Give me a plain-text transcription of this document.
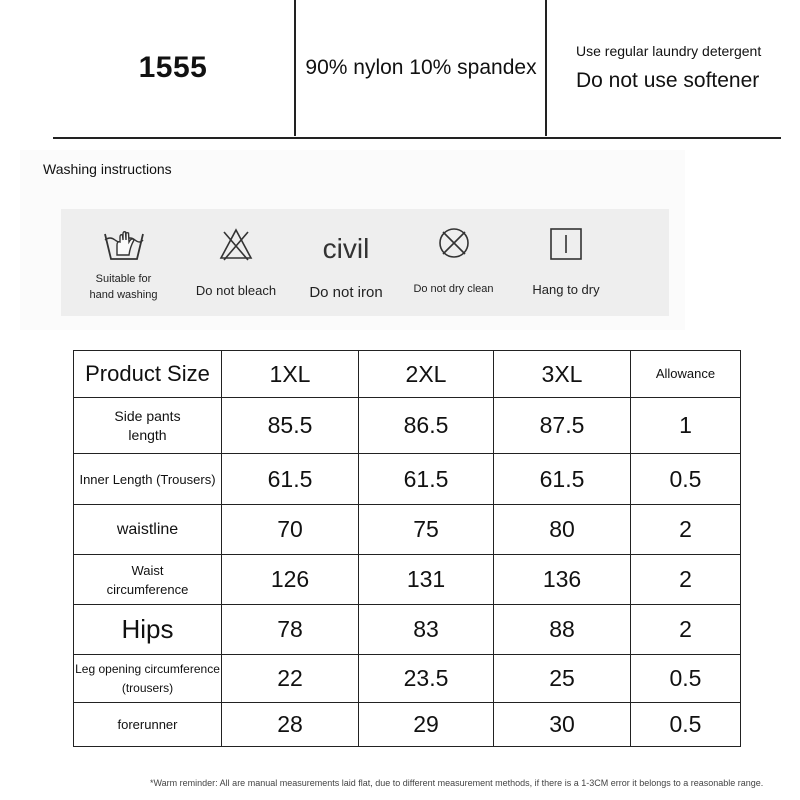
1555	90% nylon 10% spandex
Use regular laundry detergent
Do not use softener
Washing instructions
Suitable for
hand washing	Do not bleach
civil
Do not iron	Do not dry clean	Hang to dry
Product Size	1XL	2XL	3XL	Allowance
Side pants
length	85.5	86.5	87.5	1
Inner Length (Trousers)	61.5	61.5	61.5	0.5
waistline	70	75	80	2
Waist
circumference	126	131	136	2
Hips	78	83	88	2
Leg opening circumference
(trousers)	22	23.5	25	0.5
forerunner	28	29	30	0.5
*Warm reminder: All are manual measurements laid flat, due to different measurement methods, if there is a 1-3CM error it belongs to a reasonable range.
